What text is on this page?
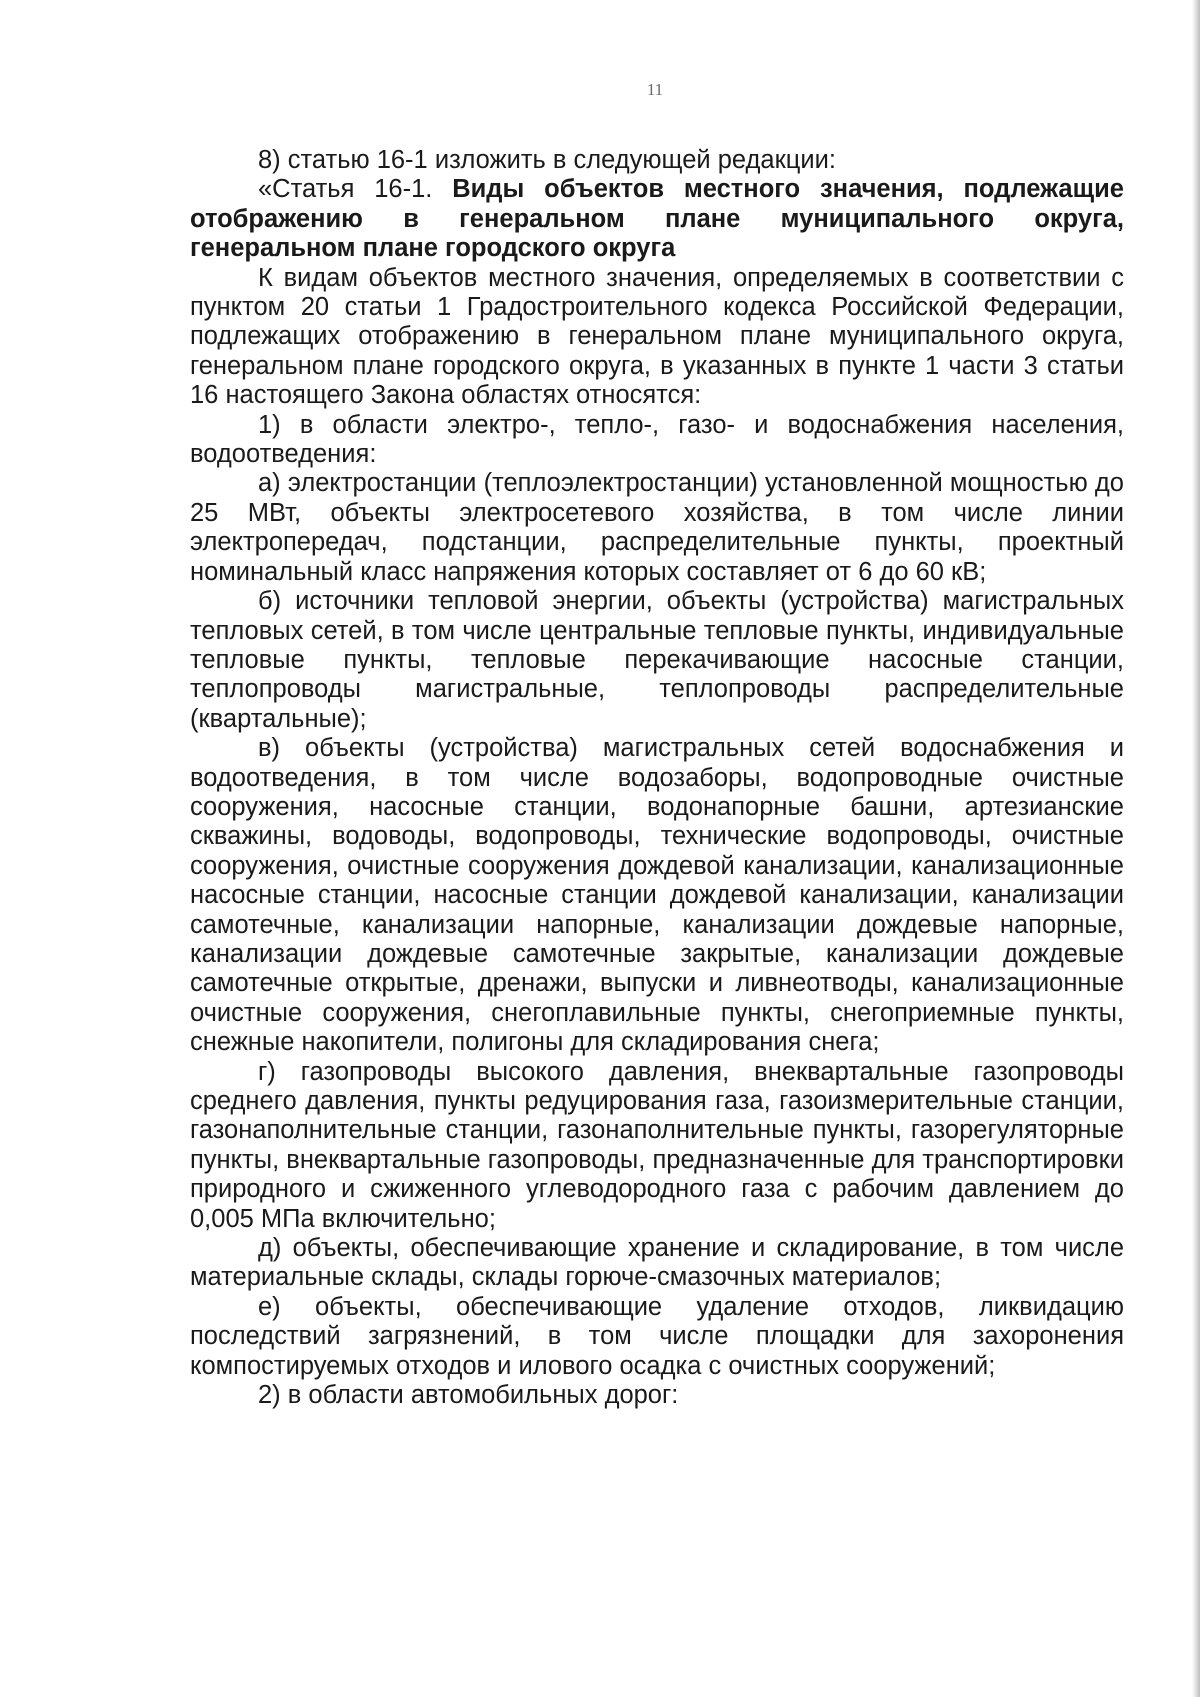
11

8) статью 16-1 изложить в следующей редакции:

«Статья 16-1. Виды объектов местного значения, подлежащие отображению в генеральном плане муниципального округа, генеральном плане городского округа

К видам объектов местного значения, определяемых в соответствии с пунктом 20 статьи 1 Градостроительного кодекса Российской Федерации, подлежащих отображению в генеральном плане муниципального округа, генеральном плане городского округа, в указанных в пункте 1 части 3 статьи 16 настоящего Закона областях относятся:

1) в области электро-, тепло-, газо- и водоснабжения населения, водоотведения:

а) электростанции (теплоэлектростанции) установленной мощностью до 25 МВт, объекты электросетевого хозяйства, в том числе линии электропередач, подстанции, распределительные пункты, проектный номинальный класс напряжения которых составляет от 6 до 60 кВ;

б) источники тепловой энергии, объекты (устройства) магистральных тепловых сетей, в том числе центральные тепловые пункты, индивидуальные тепловые пункты, тепловые перекачивающие насосные станции, теплопроводы магистральные, теплопроводы распределительные (квартальные);

в) объекты (устройства) магистральных сетей водоснабжения и водоотведения, в том числе водозаборы, водопроводные очистные сооружения, насосные станции, водонапорные башни, артезианские скважины, водоводы, водопроводы, технические водопроводы, очистные сооружения, очистные сооружения дождевой канализации, канализационные насосные станции, насосные станции дождевой канализации, канализации самотечные, канализации напорные, канализации дождевые напорные, канализации дождевые самотечные закрытые, канализации дождевые самотечные открытые, дренажи, выпуски и ливнеотводы, канализационные очистные сооружения, снегоплавильные пункты, снегоприемные пункты, снежные накопители, полигоны для складирования снега;

г) газопроводы высокого давления, внеквартальные газопроводы среднего давления, пункты редуцирования газа, газоизмерительные станции, газонаполнительные станции, газонаполнительные пункты, газорегуляторные пункты, внеквартальные газопроводы, предназначенные для транспортировки природного и сжиженного углеводородного газа с рабочим давлением до 0,005 МПа включительно;

д) объекты, обеспечивающие хранение и складирование, в том числе материальные склады, склады горюче-смазочных материалов;

е) объекты, обеспечивающие удаление отходов, ликвидацию последствий загрязнений, в том числе площадки для захоронения компостируемых отходов и илового осадка с очистных сооружений;

2) в области автомобильных дорог:
